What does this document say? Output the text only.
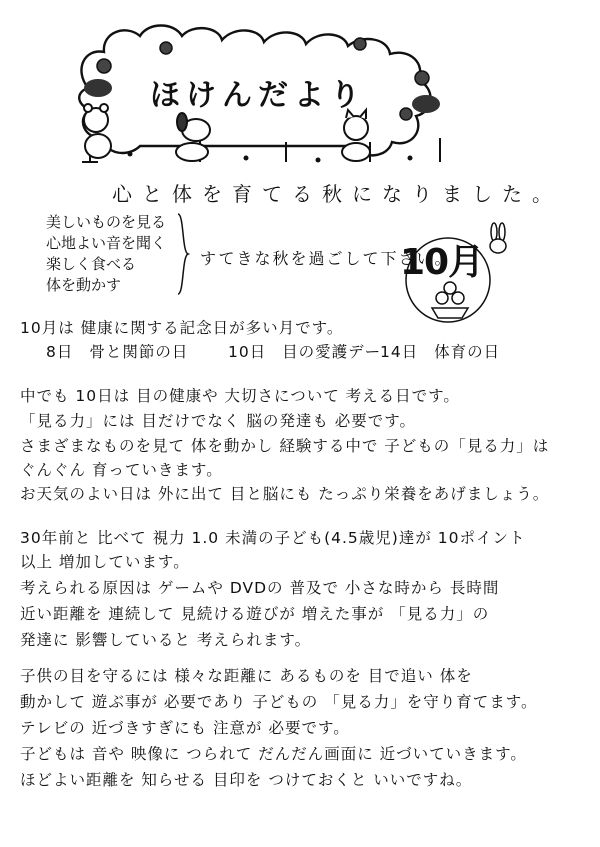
ほけんだより
心と体を育てる秋になりました。
美しいものを見る
心地よい音を聞く
楽しく食べる
体を動かす
すてきな秋を過ごして下さい。
10月
10月は 健康に関する記念日が多い月です。
8日 骨と関節の日	10日 目の愛護デー
14日 体育の日
中でも 10日は 目の健康や 大切さについて 考える日です。
「見る力」には 目だけでなく 脳の発達も 必要です。
さまざまなものを見て 体を動かし 経験する中で 子どもの「見る力」は
ぐんぐん 育っていきます。
お天気のよい日は 外に出て 目と脳にも たっぷり栄養をあげましょう。
30年前と 比べて 視力 1.0 未満の子ども(4.5歳児)達が 10ポイント
以上 増加しています。
考えられる原因は ゲームや DVDの 普及で 小さな時から 長時間
近い距離を 連続して 見続ける遊びが 増えた事が 「見る力」の
発達に 影響していると 考えられます。
子供の目を守るには 様々な距離に あるものを 目で追い 体を
動かして 遊ぶ事が 必要であり 子どもの 「見る力」を守り育てます。
テレビの 近づきすぎにも 注意が 必要です。
子どもは 音や 映像に つられて だんだん画面に 近づいていきます。
ほどよい距離を 知らせる 目印を つけておくと いいですね。
